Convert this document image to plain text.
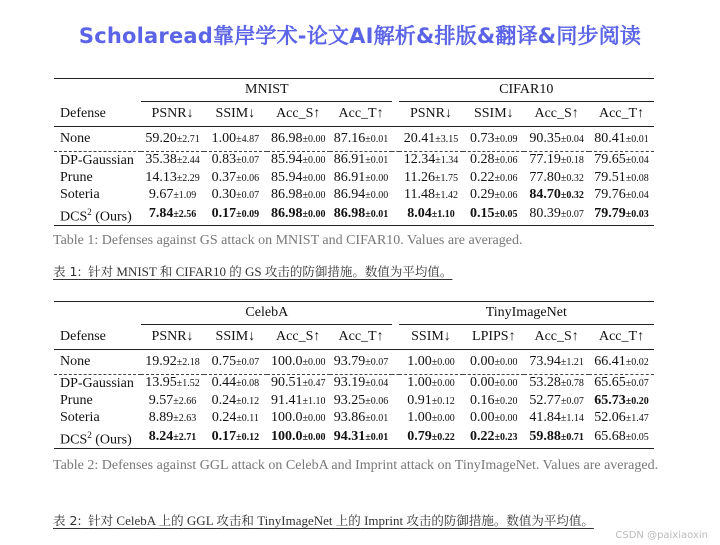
Scholaread靠岸学术-论文AI解析&排版&翻译&同步阅读
	MNIST					CIFAR10			
Defense	PSNR↓	SSIM↓	Acc_S↑	Acc_T↑		PSNR↓	SSIM↓	Acc_S↑	Acc_T↑
None	59.20±2.71	1.00±4.87	86.98±0.00	87.16±0.01		20.41±3.15	0.73±0.09	90.35±0.04	80.41±0.01

DP-Gaussian	35.38±2.44	0.83±0.07	85.94±0.00	86.91±0.01		12.34±1.34	0.28±0.06	77.19±0.18	79.65±0.04
Prune	14.13±2.29	0.37±0.06	85.94±0.00	86.91±0.00		11.26±1.75	0.22±0.06	77.80±0.32	79.51±0.08
Soteria	9.67±1.09	0.30±0.07	86.98±0.00	86.94±0.00		11.48±1.42	0.29±0.06	84.70±0.32	79.76±0.04
DCS$^2$ (Ours)	7.84±2.56	0.17±0.09	86.98±0.00	86.98±0.01		8.04±1.10	0.15±0.05	80.39±0.07	79.79±0.03
Table 1: Defenses against GS attack on MNIST and CIFAR10. Values are averaged.
表 1: 针对 MNIST 和 CIFAR10 的 GS 攻击的防御措施。数值为平均值。
	CelebA					TinyImageNet			
Defense	PSNR↓	SSIM↓	Acc_S↑	Acc_T↑		SSIM↓	LPIPS↑	Acc_S↑	Acc_T↑
None	19.92±2.18	0.75±0.07	100.0±0.00	93.79±0.07		1.00±0.00	0.00±0.00	73.94±1.21	66.41±0.02

DP-Gaussian	13.95±1.52	0.44±0.08	90.51±0.47	93.19±0.04		1.00±0.00	0.00±0.00	53.28±0.78	65.65±0.07
Prune	9.57±2.66	0.24±0.12	91.41±1.10	93.25±0.06		0.91±0.12	0.16±0.20	52.77±0.07	65.73±0.20
Soteria	8.89±2.63	0.24±0.11	100.0±0.00	93.86±0.01		1.00±0.00	0.00±0.00	41.84±1.14	52.06±1.47
DCS$^2$ (Ours)	8.24±2.71	0.17±0.12	100.0±0.00	94.31±0.01		0.79±0.22	0.22±0.23	59.88±0.71	65.68±0.05
Table 2: Defenses against GGL attack on CelebA and Imprint attack on TinyImageNet. Values are averaged.
表 2: 针对 CelebA 上的 GGL 攻击和 TinyImageNet 上的 Imprint 攻击的防御措施。数值为平均值。
CSDN @paixiaoxin
